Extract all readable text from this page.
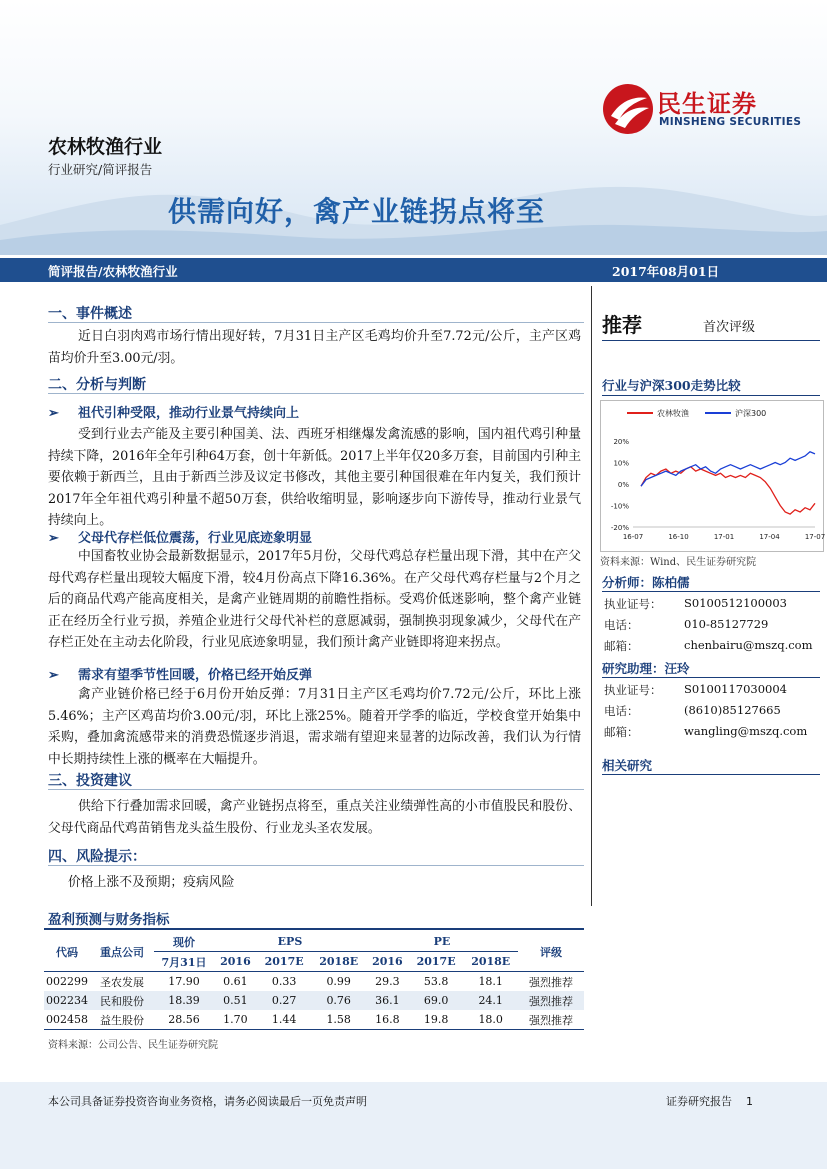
农林牧渔行业
行业研究/简评报告
供需向好，禽产业链拐点将至
民生证券
MINSHENG SECURITIES
简评报告/农林牧渔行业	2017年08月01日
一、事件概述
近日白羽肉鸡市场行情出现好转，7月31日主产区毛鸡均价升至7.72元/公斤，主产区鸡苗均价升至3.00元/羽。
二、分析与判断
➢ 祖代引种受限，推动行业景气持续向上
受到行业去产能及主要引种国美、法、西班牙相继爆发禽流感的影响，国内祖代鸡引种量持续下降，2016年全年引种64万套，创十年新低。2017上半年仅20多万套，目前国内引种主要依赖于新西兰，且由于新西兰涉及议定书修改，其他主要引种国很难在年内复关，我们预计2017年全年祖代鸡引种量不超50万套，供给收缩明显，影响逐步向下游传导，推动行业景气持续向上。
➢ 父母代存栏低位震荡，行业见底迹象明显
中国畜牧业协会最新数据显示，2017年5月份，父母代鸡总存栏量出现下滑，其中在产父母代鸡存栏量出现较大幅度下滑，较4月份高点下降16.36%。在产父母代鸡存栏量与2个月之后的商品代鸡产能高度相关，是禽产业链周期的前瞻性指标。受鸡价低迷影响，整个禽产业链正在经历全行业亏损，养殖企业进行父母代补栏的意愿减弱，强制换羽现象减少，父母代在产存栏正处在主动去化阶段，行业见底迹象明显，我们预计禽产业链即将迎来拐点。
➢ 需求有望季节性回暖，价格已经开始反弹
禽产业链价格已经于6月份开始反弹：7月31日主产区毛鸡均价7.72元/公斤，环比上涨5.46%；主产区鸡苗均价3.00元/羽，环比上涨25%。随着开学季的临近，学校食堂开始集中采购，叠加禽流感带来的消费恐慌逐步消退，需求端有望迎来显著的边际改善，我们认为行情中长期持续性上涨的概率在大幅提升。
三、投资建议
供给下行叠加需求回暖，禽产业链拐点将至，重点关注业绩弹性高的小市值股民和股份、父母代商品代鸡苗销售龙头益生股份、行业龙头圣农发展。
四、风险提示：
价格上涨不及预期；疫病风险
推荐	首次评级
行业与沪深300走势比较
农林牧渔	沪深300
20%
10%
0%
-10%
-20%
16-07	16-10	17-01	17-04	17-07
资料来源：Wind、民生证券研究院
分析师：陈柏儒
执业证号： S0100512100003
电话：	010-85127729
邮箱：	chenbairu@mszq.com
研究助理：汪玲
执业证号： S0100117030004
电话：	(8610)85127665
邮箱：	wangling@mszq.com
相关研究
盈利预测与财务指标
代码	重点公司	现价	EPS			PE			评级
		7月31日	2016	2017E	2018E	2016	2017E	2018E	
002299	圣农发展	17.90	0.61	0.33	0.99	29.3	53.8	18.1	强烈推荐
002234	民和股份	18.39	0.51	0.27	0.76	36.1	69.0	24.1	强烈推荐
002458	益生股份	28.56	1.70	1.44	1.58	16.8	19.8	18.0	强烈推荐
资料来源：公司公告、民生证券研究院
本公司具备证券投资咨询业务资格，请务必阅读最后一页免责声明	证券研究报告 1
